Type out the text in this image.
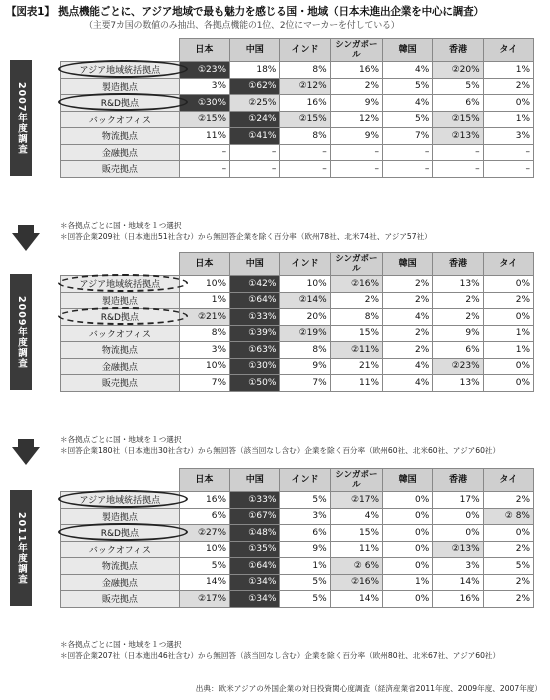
【図表1】 拠点機能ごとに、アジア地域で最も魅力を感じる国・地域（日本未進出企業を中心に調査）
（主要7カ国の数値のみ抽出、各拠点機能の1位、2位にマーカーを付している）
2007年度調査
	日本	中国	インド	シンガポール	韓国	香港	タイ
アジア地域統括拠点	①23%	18%	8%	16%	4%	②20%	1%
製造拠点	3%	①62%	②12%	2%	5%	5%	2%
R&D拠点	①30%	②25%	16%	9%	4%	6%	0%
バックオフィス	②15%	①24%	②15%	12%	5%	②15%	1%
物流拠点	11%	①41%	8%	9%	7%	②13%	3%
金融拠点	–	–	–	–	–	–	–
販売拠点	–	–	–	–	–	–	–
＊各拠点ごとに国・地域を１つ選択
＊回答企業209社（日本進出51社含む）から無回答企業を除く百分率（欧州78社、北米74社、アジア57社）
2009年度調査
	日本	中国	インド	シンガポール	韓国	香港	タイ
アジア地域統括拠点	10%	①42%	10%	②16%	2%	13%	0%
製造拠点	1%	①64%	②14%	2%	2%	2%	2%
R&D拠点	②21%	①33%	20%	8%	4%	2%	0%
バックオフィス	8%	①39%	②19%	15%	2%	9%	1%
物流拠点	3%	①63%	8%	②11%	2%	6%	1%
金融拠点	10%	①30%	9%	21%	4%	②23%	0%
販売拠点	7%	①50%	7%	11%	4%	13%	0%
＊各拠点ごとに国・地域を１つ選択
＊回答企業180社（日本進出30社含む）から無回答（該当回なし含む）企業を除く百分率（欧州60社、北米60社、アジア60社）
2011年度調査
	日本	中国	インド	シンガポール	韓国	香港	タイ
アジア地域統括拠点	16%	①33%	5%	②17%	0%	17%	2%
製造拠点	6%	①67%	3%	4%	0%	0%	② 8%
R&D拠点	②27%	①48%	6%	15%	0%	0%	0%
バックオフィス	10%	①35%	9%	11%	0%	②13%	2%
物流拠点	5%	①64%	1%	② 6%	0%	3%	5%
金融拠点	14%	①34%	5%	②16%	1%	14%	2%
販売拠点	②17%	①34%	5%	14%	0%	16%	2%
＊各拠点ごとに国・地域を１つ選択
＊回答企業207社（日本進出46社含む）から無回答（該当回なし含む）企業を除く百分率（欧州80社、北米67社、アジア60社）
出典：欧米アジアの外国企業の対日投資関心度調査（経済産業省2011年度、2009年度、2007年度）
